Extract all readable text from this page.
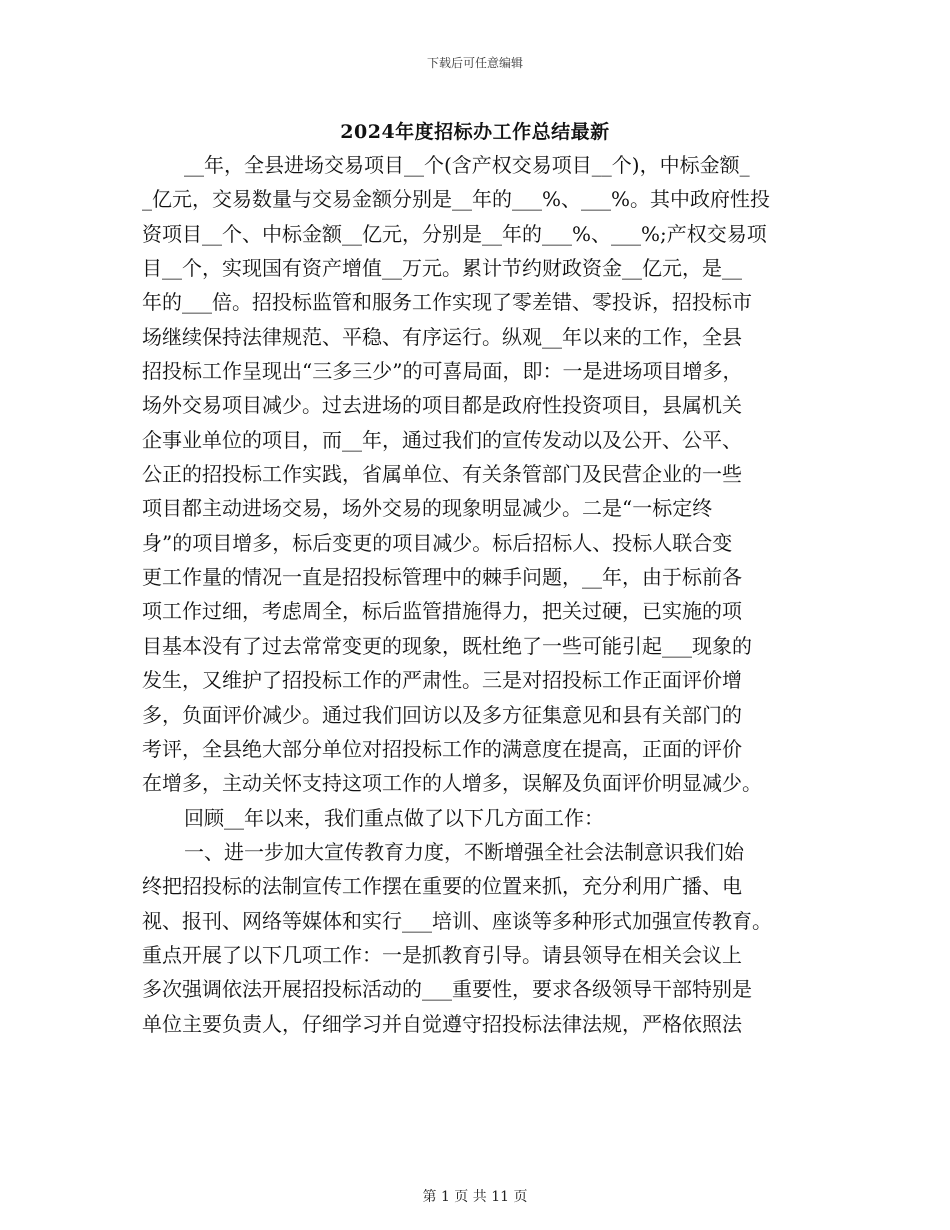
下载后可任意编辑
2024年度招标办工作总结最新
__年，全县进场交易项目__个(含产权交易项目__个)，中标金额_
_亿元，交易数量与交易金额分别是__年的___%、___%。其中政府性投
资项目__个、中标金额__亿元，分别是__年的___%、___%;产权交易项
目__个，实现国有资产增值__万元。累计节约财政资金__亿元，是__
年的___倍。招投标监管和服务工作实现了零差错、零投诉，招投标市
场继续保持法律规范、平稳、有序运行。纵观__年以来的工作，全县
招投标工作呈现出“三多三少”的可喜局面，即：一是进场项目增多，
场外交易项目减少。过去进场的项目都是政府性投资项目，县属机关
企事业单位的项目，而__年，通过我们的宣传发动以及公开、公平、
公正的招投标工作实践，省属单位、有关条管部门及民营企业的一些
项目都主动进场交易，场外交易的现象明显减少。二是“一标定终
身”的项目增多，标后变更的项目减少。标后招标人、投标人联合变
更工作量的情况一直是招投标管理中的棘手问题，__年，由于标前各
项工作过细，考虑周全，标后监管措施得力，把关过硬，已实施的项
目基本没有了过去常常变更的现象，既杜绝了一些可能引起___现象的
发生，又维护了招投标工作的严肃性。三是对招投标工作正面评价增
多，负面评价减少。通过我们回访以及多方征集意见和县有关部门的
考评，全县绝大部分单位对招投标工作的满意度在提高，正面的评价
在增多，主动关怀支持这项工作的人增多，误解及负面评价明显减少。
回顾__年以来，我们重点做了以下几方面工作：
一、进一步加大宣传教育力度，不断增强全社会法制意识我们始
终把招投标的法制宣传工作摆在重要的位置来抓，充分利用广播、电
视、报刊、网络等媒体和实行___培训、座谈等多种形式加强宣传教育。
重点开展了以下几项工作：一是抓教育引导。请县领导在相关会议上
多次强调依法开展招投标活动的___重要性，要求各级领导干部特别是
单位主要负责人，仔细学习并自觉遵守招投标法律法规，严格依照法
第 1 页 共 11 页
